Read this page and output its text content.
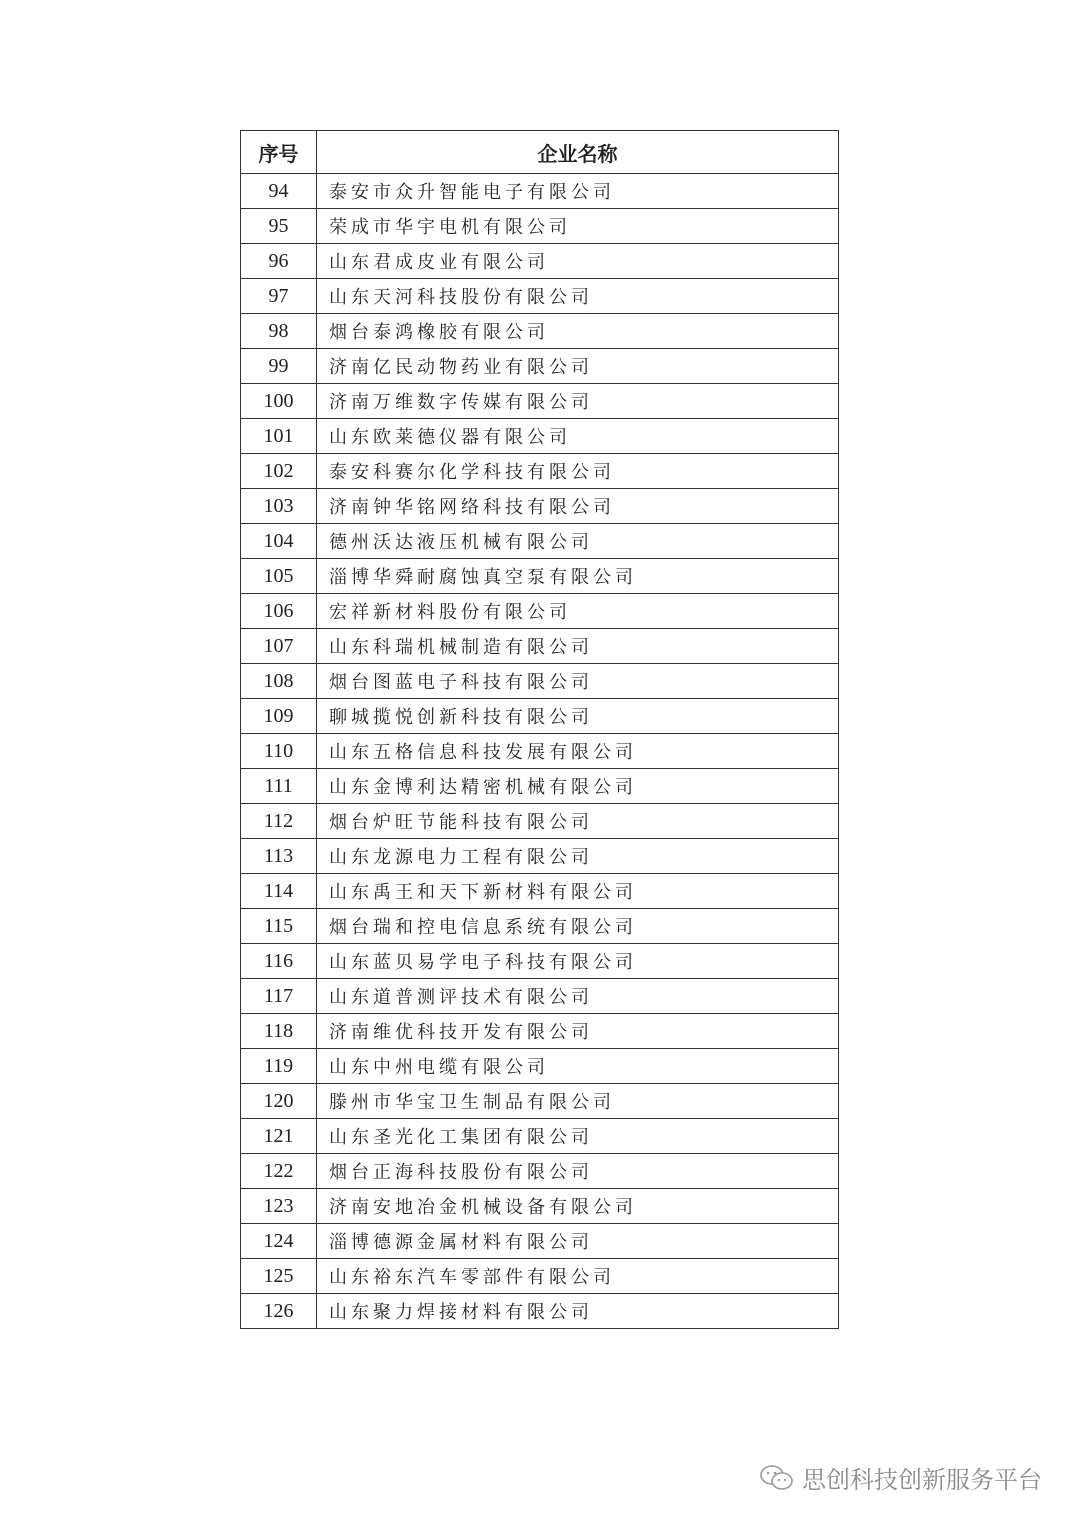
序号	企业名称
94	泰安市众升智能电子有限公司
95	荣成市华宇电机有限公司
96	山东君成皮业有限公司
97	山东天河科技股份有限公司
98	烟台泰鸿橡胶有限公司
99	济南亿民动物药业有限公司
100	济南万维数字传媒有限公司
101	山东欧莱德仪器有限公司
102	泰安科赛尔化学科技有限公司
103	济南钟华铭网络科技有限公司
104	德州沃达液压机械有限公司
105	淄博华舜耐腐蚀真空泵有限公司
106	宏祥新材料股份有限公司
107	山东科瑞机械制造有限公司
108	烟台图蓝电子科技有限公司
109	聊城揽悦创新科技有限公司
110	山东五格信息科技发展有限公司
111	山东金博利达精密机械有限公司
112	烟台炉旺节能科技有限公司
113	山东龙源电力工程有限公司
114	山东禹王和天下新材料有限公司
115	烟台瑞和控电信息系统有限公司
116	山东蓝贝易学电子科技有限公司
117	山东道普测评技术有限公司
118	济南维优科技开发有限公司
119	山东中州电缆有限公司
120	滕州市华宝卫生制品有限公司
121	山东圣光化工集团有限公司
122	烟台正海科技股份有限公司
123	济南安地冶金机械设备有限公司
124	淄博德源金属材料有限公司
125	山东裕东汽车零部件有限公司
126	山东聚力焊接材料有限公司
思创科技创新服务平台
